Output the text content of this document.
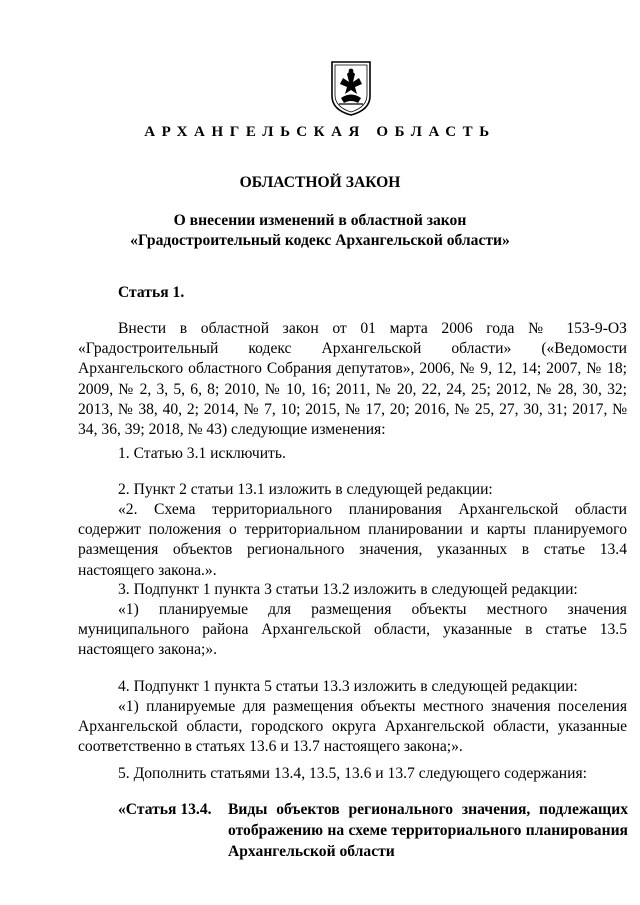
АРХАНГЕЛЬСКАЯ ОБЛАСТЬ
ОБЛАСТНОЙ ЗАКОН
О внесении изменений в областной закон
«Градостроительный кодекс Архангельской области»
Статья 1.
Внести в областной закон от 01 марта 2006 года № 153-9-ОЗ «Градостроительный кодекс Архангельской области» («Ведомости Архангельского областного Собрания депутатов», 2006, № 9, 12, 14; 2007, № 18; 2009, № 2, 3, 5, 6, 8; 2010, № 10, 16; 2011, № 20, 22, 24, 25; 2012, № 28, 30, 32; 2013, № 38, 40, 2; 2014, № 7, 10; 2015, № 17, 20; 2016, № 25, 27, 30, 31; 2017, № 34, 36, 39; 2018, № 43) следующие изменения:
1. Статью 3.1 исключить.
2. Пункт 2 статьи 13.1 изложить в следующей редакции:
«2. Схема территориального планирования Архангельской области содержит положения о территориальном планировании и карты планируемого размещения объектов регионального значения, указанных в статье 13.4 настоящего закона.».
3. Подпункт 1 пункта 3 статьи 13.2 изложить в следующей редакции:
«1) планируемые для размещения объекты местного значения муниципального района Архангельской области, указанные в статье 13.5 настоящего закона;».
4. Подпункт 1 пункта 5 статьи 13.3 изложить в следующей редакции:
«1) планируемые для размещения объекты местного значения поселения Архангельской области, городского округа Архангельской области, указанные соответственно в статьях 13.6 и 13.7 настоящего закона;».
5. Дополнить статьями 13.4, 13.5, 13.6 и 13.7 следующего содержания:
«Статья 13.4. Виды объектов регионального значения, подлежащих отображению на схеме территориального планирования Архангельской области
